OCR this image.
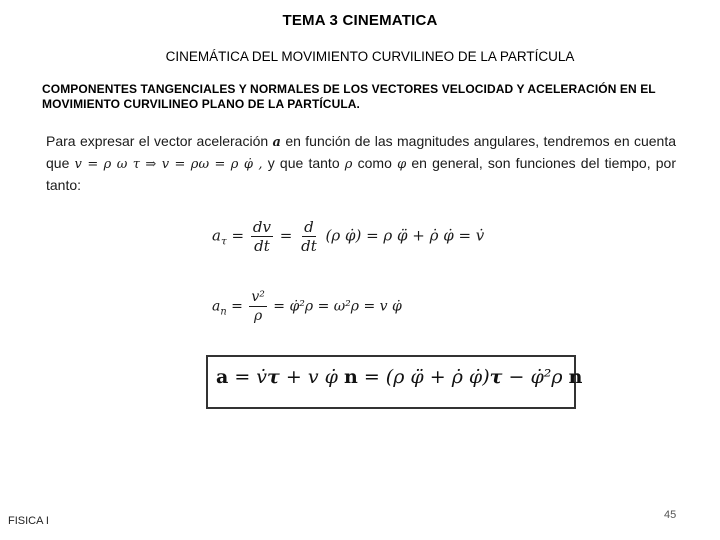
TEMA 3 CINEMATICA
CINEMÁTICA DEL MOVIMIENTO CURVILINEO DE LA PARTÍCULA
COMPONENTES TANGENCIALES Y NORMALES DE LOS VECTORES VELOCIDAD Y ACELERACIÓN EN EL MOVIMIENTO CURVILINEO PLANO DE LA PARTÍCULA.
Para expresar el vector aceleración a en función de las magnitudes angulares, tendremos en cuenta que v = ρ ω τ ⇒ v = ρω = ρ φ̇ , y que tanto ρ como φ en general, son funciones del tiempo, por tanto:
$a_\tau = \frac{dv}{dt} = \frac{d}{dt} (\rho$ φ̇) = ρ φ̈ + ρ̇ φ̇ = v̇
$a_n = \frac{\text{v²}}{\rho}$ = φ̇²ρ = ω²ρ = v φ̇
a = v̇τ + v φ̇ n = (ρ φ̈ + ρ̇ φ̇)τ − φ̇²ρ n
FISICA I	45
